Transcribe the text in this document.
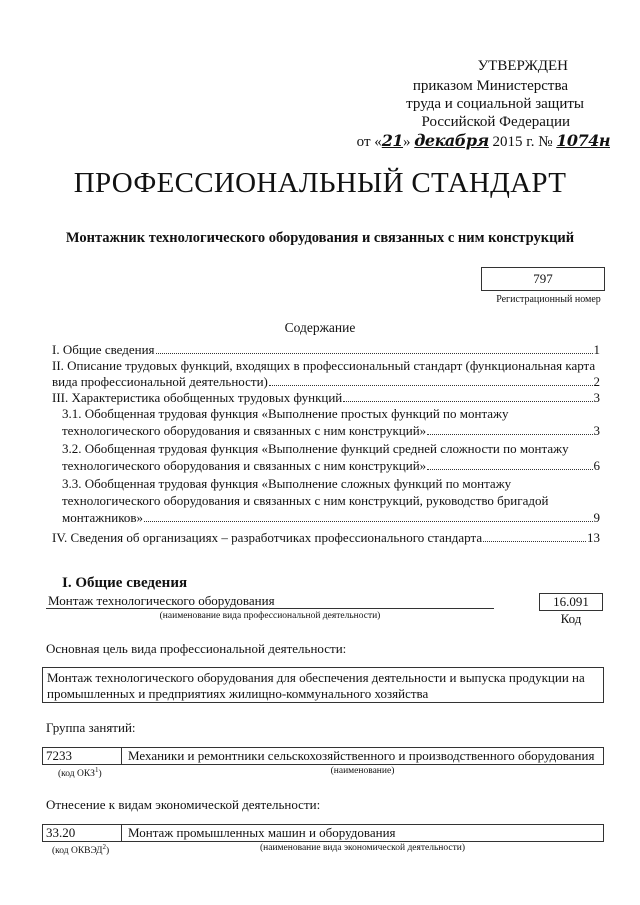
УТВЕРЖДЕН
приказом Министерства
труда и социальной защиты
Российской Федерации
от «21» декабря 2015 г. № 1074н
ПРОФЕССИОНАЛЬНЫЙ СТАНДАРТ
Монтажник технологического оборудования и связанных с ним конструкций
797
Регистрационный номер
Содержание
I. Общие сведения	1
II. Описание трудовых функций, входящих в профессиональный стандарт (функциональная карта
вида профессиональной деятельности)	2
III. Характеристика обобщенных трудовых функций	3
3.1. Обобщенная трудовая функция «Выполнение простых функций по монтажу
технологического оборудования и связанных с ним конструкций»	3
3.2. Обобщенная трудовая функция «Выполнение функций средней сложности по монтажу
технологического оборудования и связанных с ним конструкций»	6
3.3. Обобщенная трудовая функция «Выполнение сложных функций по монтажу
технологического оборудования и связанных с ним конструкций, руководство бригадой
монтажников»	9
IV. Сведения об организациях – разработчиках профессионального стандарта	13
I. Общие сведения
Монтаж технологического оборудования
(наименование вида профессиональной деятельности)
16.091
Код
Основная цель вида профессиональной деятельности:
Монтаж технологического оборудования для обеспечения деятельности и выпуска продукции на промышленных и предприятиях жилищно-коммунального хозяйства
Группа занятий:
7233	Механики и ремонтники сельскохозяйственного и производственного оборудования
(код ОКЗ$^1$)	(наименование)
Отнесение к видам экономической деятельности:
33.20	Монтаж промышленных машин и оборудования
(код ОКВЭД$^2$)	(наименование вида экономической деятельности)
